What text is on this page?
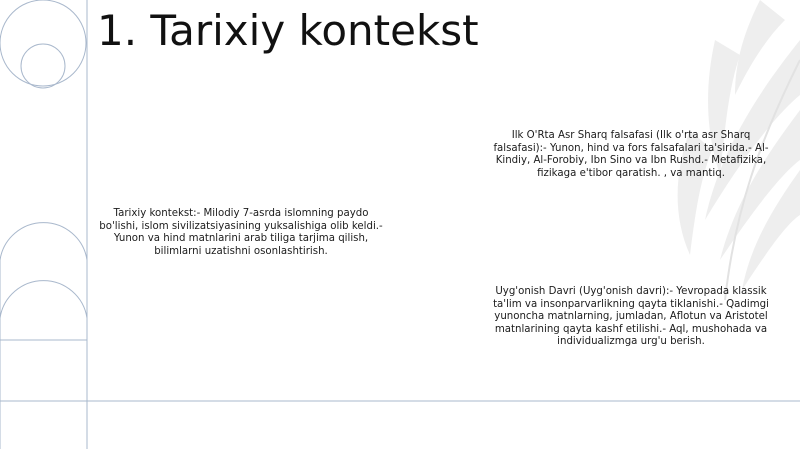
1. Tarixiy kontekst

Tarixiy kontekst:- Milodiy 7-asrda islomning paydo bo'lishi, islom sivilizatsiyasining yuksalishiga olib keldi.- Yunon va hind matnlarini arab tiliga tarjima qilish, bilimlarni uzatishni osonlashtirish.

Ilk O'Rta Asr Sharq falsafasi (Ilk o'rta asr Sharq falsafasi):- Yunon, hind va fors falsafalari ta'sirida.- Al-Kindiy, Al-Forobiy, Ibn Sino va Ibn Rushd.- Metafizika, fizikaga e'tibor qaratish. , va mantiq.

Uyg'onish Davri (Uyg'onish davri):- Yevropada klassik ta'lim va insonparvarlikning qayta tiklanishi.- Qadimgi yunoncha matnlarning, jumladan, Aflotun va Aristotel matnlarining qayta kashf etilishi.- Aql, mushohada va individualizmga urg'u berish.
